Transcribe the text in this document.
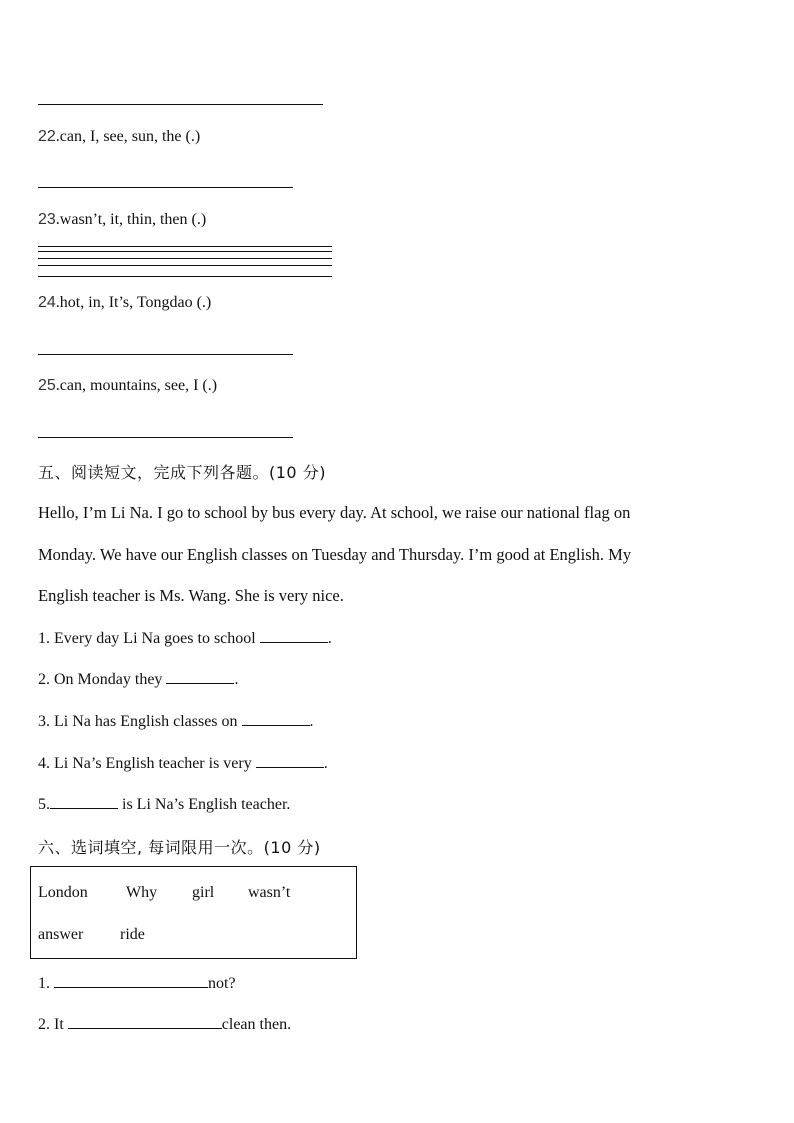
22.can, I, see, sun, the (.)
23.wasn’t, it, thin, then (.)
24.hot, in, It’s, Tongdao (.)
25.can, mountains, see, I (.)
五、阅读短文，完成下列各题。(10 分)
Hello, I’m Li Na. I go to school by bus every day. At school, we raise our national flag on
Monday. We have our English classes on Tuesday and Thursday. I’m good at English. My
English teacher is Ms. Wang. She is very nice.
1. Every day Li Na goes to school	.
2. On Monday they	.
3. Li Na has English classes on	.
4. Li Na’s English teacher is very	.
5.	is Li Na’s English teacher.
六、选词填空, 每词限用一次。(10 分)
London Why girl wasn’t
answer ride
1.	not?
2. It	clean then.
